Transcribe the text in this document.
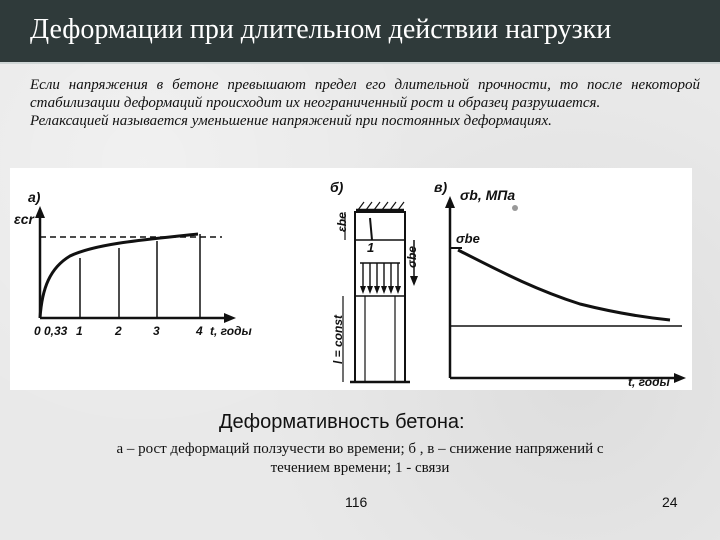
Деформации при длительном действии нагрузки

Если напряжения в бетоне превышают предел его длительной прочности, то после некоторой стабилизации деформаций происходит их неограниченный рост и образец разрушается.

Релаксацией называется уменьшение напряжений при постоянных деформациях.

а)
εcr
0 0,33 1	2	3	4 t, годы
б)
1
εbe
σbe
l = const
в) σb, МПа
σbe
t, годы
Деформативность бетона:
а – рост деформаций ползучести во времени; б , в – снижение напряжений с
течением времени; 1 - связи
116	24
